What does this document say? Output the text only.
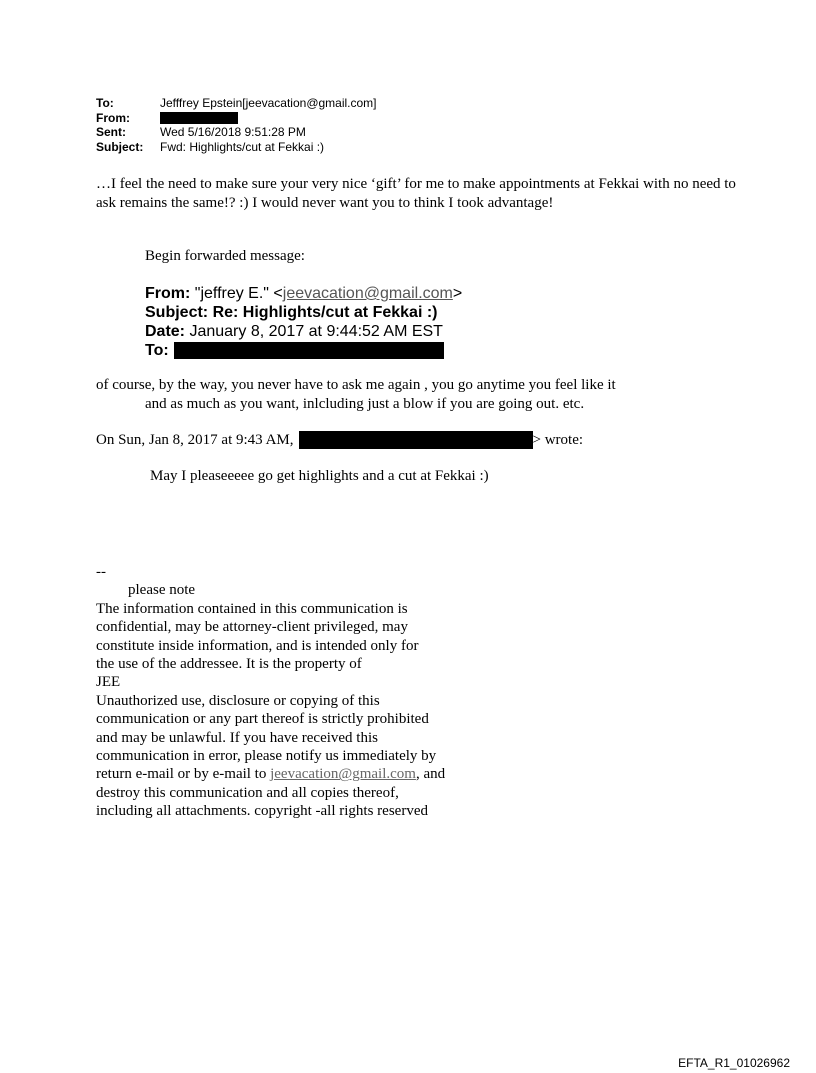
To:	Jefffrey Epstein[jeevacation@gmail.com]
From:
Sent:	Wed 5/16/2018 9:51:28 PM
Subject:	Fwd: Highlights/cut at Fekkai :)
…I feel the need to make sure your very nice ‘gift’ for me to make appointments at Fekkai with no need to ask remains the same!? :) I would never want you to think I took advantage!
Begin forwarded message:
From: "jeffrey E." <jeevacation@gmail.com>
Subject: Re: Highlights/cut at Fekkai :)
Date: January 8, 2017 at 9:44:52 AM EST
To:
of course, by the way, you never have to ask me again , you go anytime you feel like it
and as much as you want, inlcluding just a blow if you are going out. etc.
On Sun, Jan 8, 2017 at 9:43 AM,	> wrote:
May I pleaseeeee go get highlights and a cut at Fekkai :)
--
please note
The information contained in this communication is
confidential, may be attorney-client privileged, may
constitute inside information, and is intended only for
the use of the addressee. It is the property of
JEE
Unauthorized use, disclosure or copying of this
communication or any part thereof is strictly prohibited
and may be unlawful. If you have received this
communication in error, please notify us immediately by
return e-mail or by e-mail to jeevacation@gmail.com, and
destroy this communication and all copies thereof,
including all attachments. copyright -all rights reserved
EFTA_R1_01026962
